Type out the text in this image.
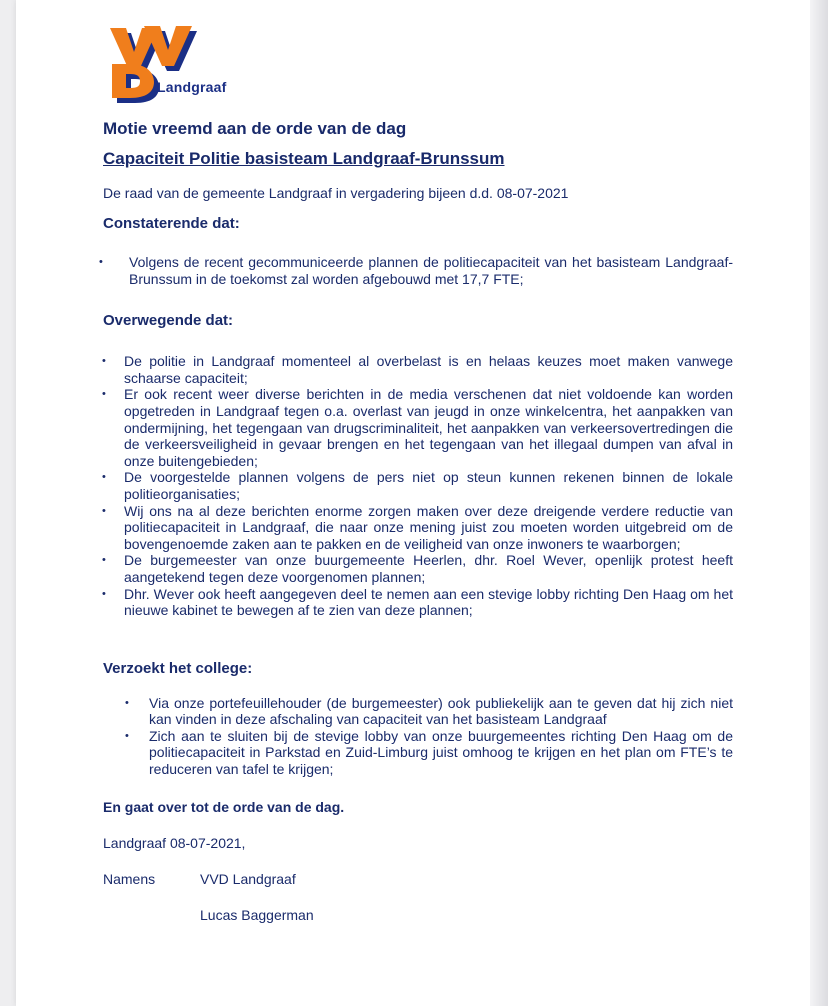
Landgraaf
Motie vreemd aan de orde van de dag
Capaciteit Politie basisteam Landgraaf-Brunssum
De raad van de gemeente Landgraaf in vergadering bijeen d.d. 08-07-2021
Constaterende dat:
• Volgens de recent gecommuniceerde plannen de politiecapaciteit van het basisteam Landgraaf-Brunssum in de toekomst zal worden afgebouwd met 17,7 FTE;
Overwegende dat:
• De politie in Landgraaf momenteel al overbelast is en helaas keuzes moet maken vanwege schaarse capaciteit;
• Er ook recent weer diverse berichten in de media verschenen dat niet voldoende kan worden opgetreden in Landgraaf tegen o.a. overlast van jeugd in onze winkelcentra, het aanpakken van ondermijning, het tegengaan van drugscriminaliteit, het aanpakken van verkeersovertredingen die de verkeersveiligheid in gevaar brengen en het tegengaan van het illegaal dumpen van afval in onze buitengebieden;
• De voorgestelde plannen volgens de pers niet op steun kunnen rekenen binnen de lokale politieorganisaties;
• Wij ons na al deze berichten enorme zorgen maken over deze dreigende verdere reductie van politiecapaciteit in Landgraaf, die naar onze mening juist zou moeten worden uitgebreid om de bovengenoemde zaken aan te pakken en de veiligheid van onze inwoners te waarborgen;
• De burgemeester van onze buurgemeente Heerlen, dhr. Roel Wever, openlijk protest heeft aangetekend tegen deze voorgenomen plannen;
• Dhr. Wever ook heeft aangegeven deel te nemen aan een stevige lobby richting Den Haag om het nieuwe kabinet te bewegen af te zien van deze plannen;
Verzoekt het college:
• Via onze portefeuillehouder (de burgemeester) ook publiekelijk aan te geven dat hij zich niet kan vinden in deze afschaling van capaciteit van het basisteam Landgraaf
• Zich aan te sluiten bij de stevige lobby van onze buurgemeentes richting Den Haag om de politiecapaciteit in Parkstad en Zuid-Limburg juist omhoog te krijgen en het plan om FTE’s te reduceren van tafel te krijgen;
En gaat over tot de orde van de dag.
Landgraaf 08-07-2021,
Namens	VVD Landgraaf
Lucas Baggerman
